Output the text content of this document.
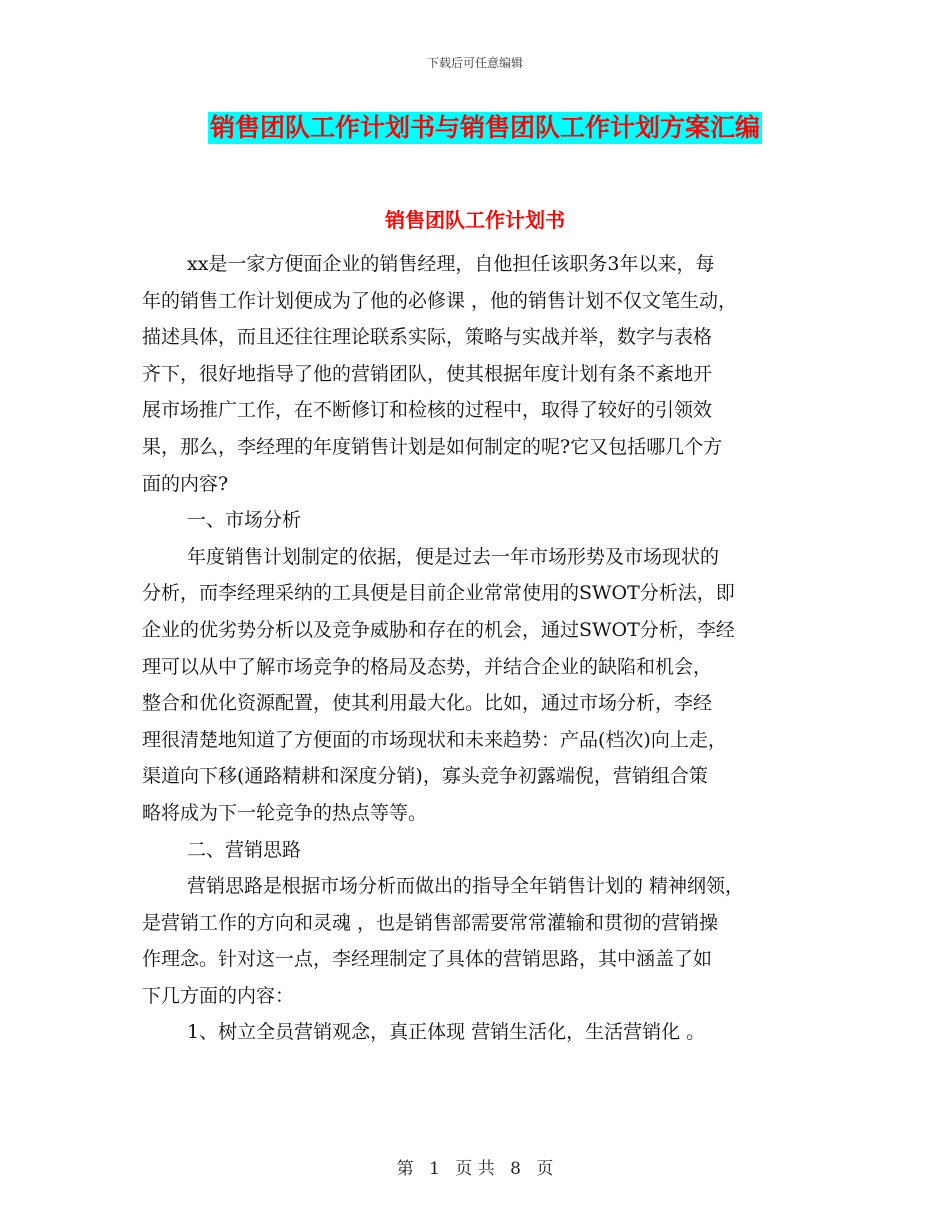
下载后可任意编辑
销售团队工作计划书与销售团队工作计划方案汇编
销售团队工作计划书
xx是一家方便面企业的销售经理，自他担任该职务3年以来，每
年的销售工作计划便成为了他的必修课 ，他的销售计划不仅文笔生动，
描述具体，而且还往往理论联系实际，策略与实战并举，数字与表格
齐下，很好地指导了他的营销团队，使其根据年度计划有条不紊地开
展市场推广工作，在不断修订和检核的过程中，取得了较好的引领效
果，那么，李经理的年度销售计划是如何制定的呢?它又包括哪几个方
面的内容?
一、市场分析
年度销售计划制定的依据，便是过去一年市场形势及市场现状的
分析，而李经理采纳的工具便是目前企业常常使用的SWOT分析法，即
企业的优劣势分析以及竞争威胁和存在的机会，通过SWOT分析，李经
理可以从中了解市场竞争的格局及态势，并结合企业的缺陷和机会，
整合和优化资源配置，使其利用最大化。比如，通过市场分析，李经
理很清楚地知道了方便面的市场现状和未来趋势：产品(档次)向上走，
渠道向下移(通路精耕和深度分销)，寡头竞争初露端倪，营销组合策
略将成为下一轮竞争的热点等等。
二、营销思路
营销思路是根据市场分析而做出的指导全年销售计划的 精神纲领，
是营销工作的方向和灵魂 ，也是销售部需要常常灌输和贯彻的营销操
作理念。针对这一点，李经理制定了具体的营销思路，其中涵盖了如
下几方面的内容：
1、树立全员营销观念，真正体现 营销生活化，生活营销化 。
第 1 页 共 8 页
